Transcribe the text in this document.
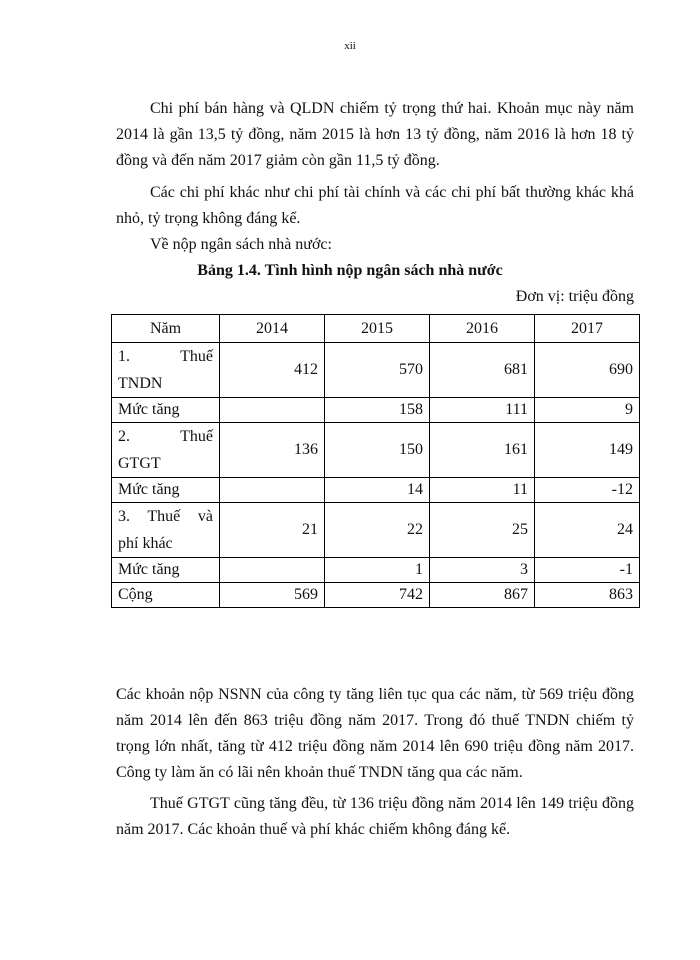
xii

Chi phí bán hàng và QLDN chiếm tỷ trọng thứ hai. Khoản mục này năm 2014 là gần 13,5 tỷ đồng, năm 2015 là hơn 13 tỷ đồng, năm 2016 là hơn 18 tỷ đồng và đến năm 2017 giảm còn gần 11,5 tỷ đồng.

Các chi phí khác như chi phí tài chính và các chi phí bất thường khác khá nhỏ, tỷ trọng không đáng kể.

Về nộp ngân sách nhà nước:

Bảng 1.4. Tình hình nộp ngân sách nhà nước
Đơn vị: triệu đồng
Năm	2014	2015	2016	2017

1. Thuế
TNDN	412	570	681	690
Mức tăng		158	111	9

2. Thuế
GTGT	136	150	161	149
Mức tăng		14	11	-12

3. Thuế và
phí khác	21	22	25	24
Mức tăng		1	3	-1
Cộng	569	742	867	863

Các khoản nộp NSNN của công ty tăng liên tục qua các năm, từ 569 triệu đồng năm 2014 lên đến 863 triệu đồng năm 2017. Trong đó thuế TNDN chiếm tỷ trọng lớn nhất, tăng từ 412 triệu đồng năm 2014 lên 690 triệu đồng năm 2017. Công ty làm ăn có lãi nên khoản thuế TNDN tăng qua các năm.

Thuế GTGT cũng tăng đều, từ 136 triệu đồng năm 2014 lên 149 triệu đồng năm 2017. Các khoản thuế và phí khác chiếm không đáng kể.
